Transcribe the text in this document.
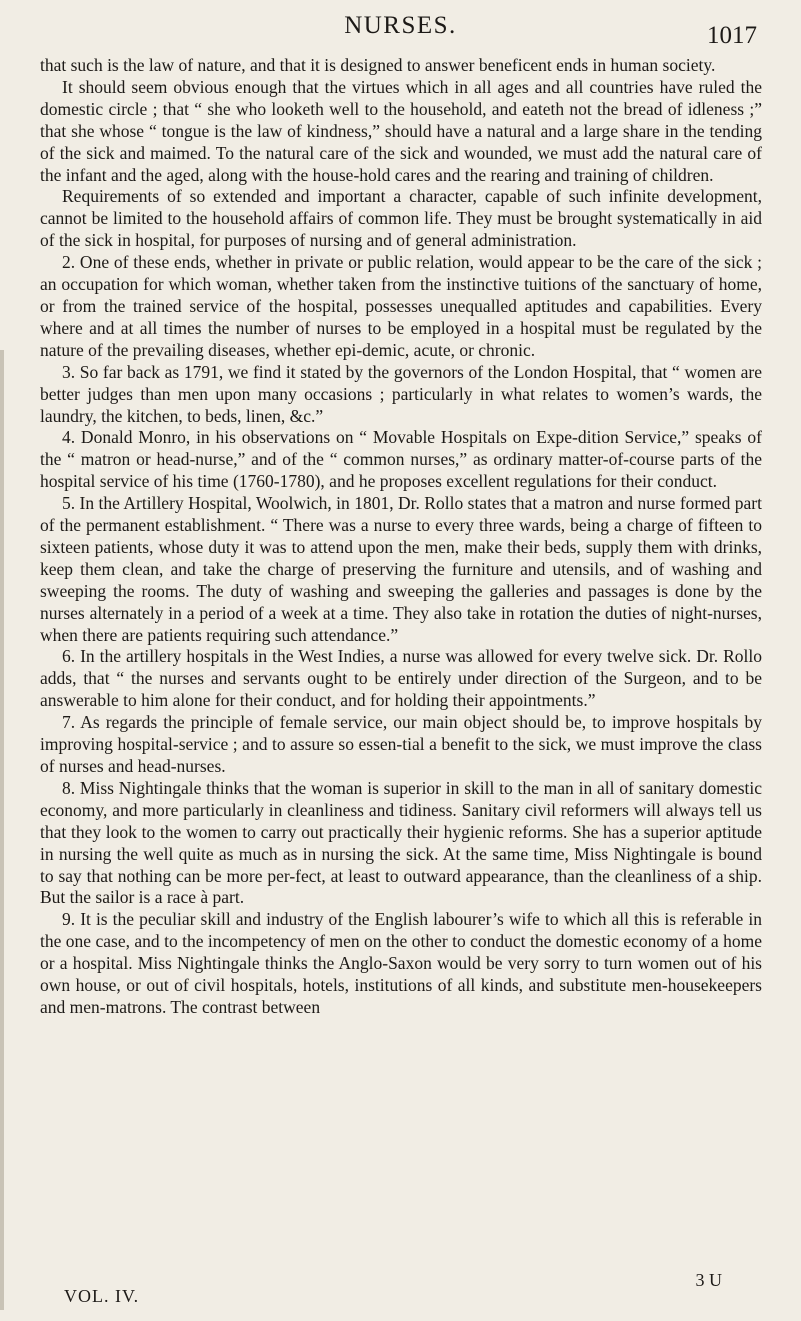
NURSES.	1017

that such is the law of nature, and that it is designed to answer beneficent ends in human society.

It should seem obvious enough that the virtues which in all ages and all countries have ruled the domestic circle ; that “ she who looketh well to the household, and eateth not the bread of idleness ;” that she whose “ tongue is the law of kindness,” should have a natural and a large share in the tending of the sick and maimed. To the natural care of the sick and wounded, we must add the natural care of the infant and the aged, along with the house-hold cares and the rearing and training of children.

Requirements of so extended and important a character, capable of such infinite development, cannot be limited to the household affairs of common life. They must be brought systematically in aid of the sick in hospital, for purposes of nursing and of general administration.

2. One of these ends, whether in private or public relation, would appear to be the care of the sick ; an occupation for which woman, whether taken from the instinctive tuitions of the sanctuary of home, or from the trained service of the hospital, possesses unequalled aptitudes and capabilities. Every where and at all times the number of nurses to be employed in a hospital must be regulated by the nature of the prevailing diseases, whether epi-demic, acute, or chronic.

3. So far back as 1791, we find it stated by the governors of the London Hospital, that “ women are better judges than men upon many occasions ; particularly in what relates to women’s wards, the laundry, the kitchen, to beds, linen, &c.”

4. Donald Monro, in his observations on “ Movable Hospitals on Expe-dition Service,” speaks of the “ matron or head-nurse,” and of the “ common nurses,” as ordinary matter-of-course parts of the hospital service of his time (1760-1780), and he proposes excellent regulations for their conduct.

5. In the Artillery Hospital, Woolwich, in 1801, Dr. Rollo states that a matron and nurse formed part of the permanent establishment. “ There was a nurse to every three wards, being a charge of fifteen to sixteen patients, whose duty it was to attend upon the men, make their beds, supply them with drinks, keep them clean, and take the charge of preserving the furniture and utensils, and of washing and sweeping the rooms. The duty of washing and sweeping the galleries and passages is done by the nurses alternately in a period of a week at a time. They also take in rotation the duties of night-nurses, when there are patients requiring such attendance.”

6. In the artillery hospitals in the West Indies, a nurse was allowed for every twelve sick. Dr. Rollo adds, that “ the nurses and servants ought to be entirely under direction of the Surgeon, and to be answerable to him alone for their conduct, and for holding their appointments.”

7. As regards the principle of female service, our main object should be, to improve hospitals by improving hospital-service ; and to assure so essen-tial a benefit to the sick, we must improve the class of nurses and head-nurses.

8. Miss Nightingale thinks that the woman is superior in skill to the man in all of sanitary domestic economy, and more particularly in cleanliness and tidiness. Sanitary civil reformers will always tell us that they look to the women to carry out practically their hygienic reforms. She has a superior aptitude in nursing the well quite as much as in nursing the sick. At the same time, Miss Nightingale is bound to say that nothing can be more per-fect, at least to outward appearance, than the cleanliness of a ship. But the sailor is a race à part.

9. It is the peculiar skill and industry of the English labourer’s wife to which all this is referable in the one case, and to the incompetency of men on the other to conduct the domestic economy of a home or a hospital. Miss Nightingale thinks the Anglo-Saxon would be very sorry to turn women out of his own house, or out of civil hospitals, hotels, institutions of all kinds, and substitute men-housekeepers and men-matrons. The contrast between

VOL. IV.
3 U
